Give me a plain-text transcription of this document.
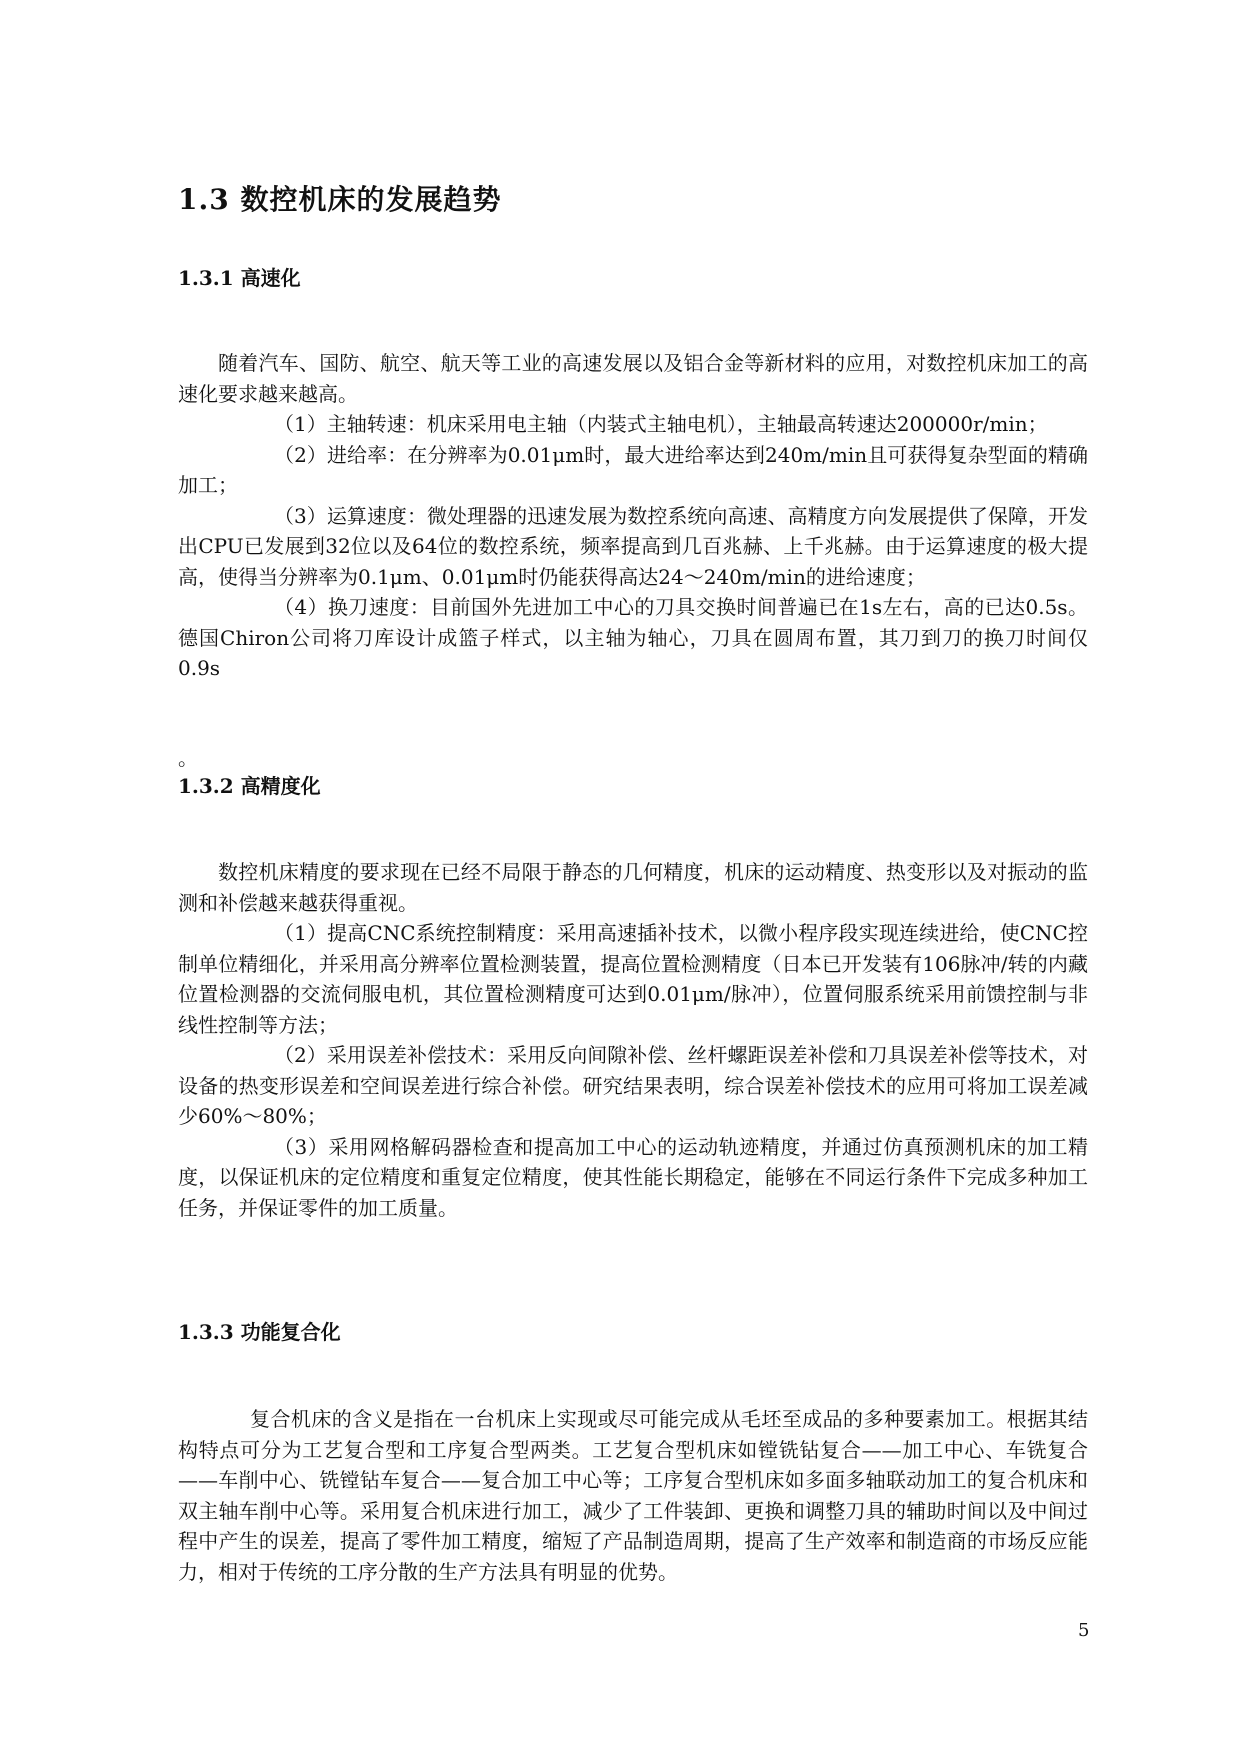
1.3 数控机床的发展趋势
1.3.1 高速化

随着汽车、国防、航空、航天等工业的高速发展以及铝合金等新材料的应用，对数控机床加工的高速化要求越来越高。

（1）主轴转速：机床采用电主轴（内装式主轴电机），主轴最高转速达200000r/min；

（2）进给率：在分辨率为0.01μm时，最大进给率达到240m/min且可获得复杂型面的精确加工；

（3）运算速度：微处理器的迅速发展为数控系统向高速、高精度方向发展提供了保障，开发出CPU已发展到32位以及64位的数控系统，频率提高到几百兆赫、上千兆赫。由于运算速度的极大提高，使得当分辨率为0.1μm、0.01μm时仍能获得高达24～240m/min的进给速度；

（4）换刀速度：目前国外先进加工中心的刀具交换时间普遍已在1s左右，高的已达0.5s。德国Chiron公司将刀库设计成篮子样式，以主轴为轴心，刀具在圆周布置，其刀到刀的换刀时间仅0.9s

。
1.3.2 高精度化

数控机床精度的要求现在已经不局限于静态的几何精度，机床的运动精度、热变形以及对振动的监测和补偿越来越获得重视。

（1）提高CNC系统控制精度：采用高速插补技术，以微小程序段实现连续进给，使CNC控制单位精细化，并采用高分辨率位置检测装置，提高位置检测精度（日本已开发装有106脉冲/转的内藏位置检测器的交流伺服电机，其位置检测精度可达到0.01μm/脉冲），位置伺服系统采用前馈控制与非线性控制等方法；

（2）采用误差补偿技术：采用反向间隙补偿、丝杆螺距误差补偿和刀具误差补偿等技术，对设备的热变形误差和空间误差进行综合补偿。研究结果表明，综合误差补偿技术的应用可将加工误差减少60%～80%；

（3）采用网格解码器检查和提高加工中心的运动轨迹精度，并通过仿真预测机床的加工精度，以保证机床的定位精度和重复定位精度，使其性能长期稳定，能够在不同运行条件下完成多种加工任务，并保证零件的加工质量。

1.3.3 功能复合化

复合机床的含义是指在一台机床上实现或尽可能完成从毛坯至成品的多种要素加工。根据其结构特点可分为工艺复合型和工序复合型两类。工艺复合型机床如镗铣钻复合——加工中心、车铣复合——车削中心、铣镗钻车复合——复合加工中心等；工序复合型机床如多面多轴联动加工的复合机床和双主轴车削中心等。采用复合机床进行加工，减少了工件装卸、更换和调整刀具的辅助时间以及中间过程中产生的误差，提高了零件加工精度，缩短了产品制造周期，提高了生产效率和制造商的市场反应能力，相对于传统的工序分散的生产方法具有明显的优势。

5
